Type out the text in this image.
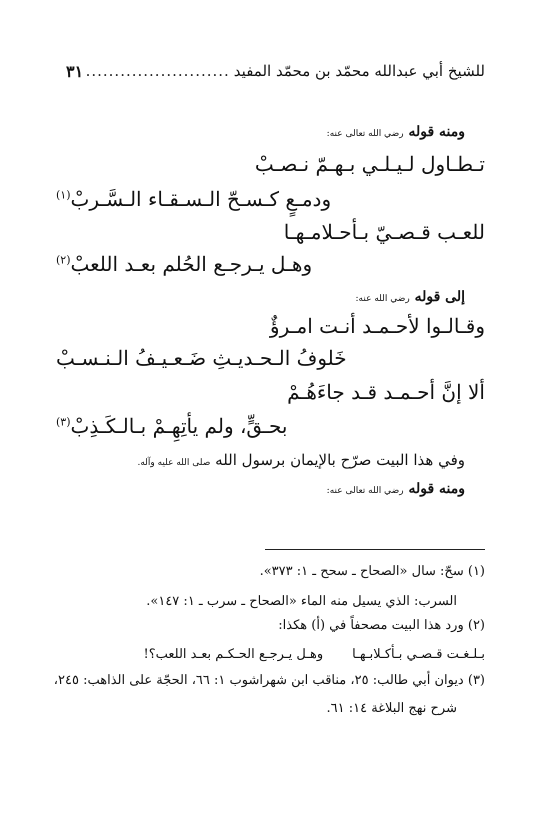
للشيخ أبي عبدالله محمّد بن محمّد المفيد
.....
٣١
ومنه قوله رضي الله تعالى عنه:
تـطـاول لـيـلـي بـهـمّ نـصـبْ
ودمـعٍ كـسـحّ الـسـقـاء الـسَّـربْ$^{(١)}$
للعـب قـصـيّ بـأحـلامـهـا
وهـل يـرجـع الحُلم بعـد اللعبْ$^{(٢)}$
إلى قوله رضي الله عنه:
وقـالـوا لأحـمـد أنـت امـرؤٌ
خَلوفُ الـحـديـثِ ضَـعـيـفُ الـنـسـبْ
ألا إنَّ أحـمـد قـد جاءَهُـمْ
بحـقٍّ، ولم يأتِهِـمْ بـالـكَـذِبْ$^{(٣)}$
وفي هذا البيت صرّح بالإيمان برسول الله صلى الله عليه وآله.
ومنه قوله رضي الله تعالى عنه:
(١) سحّ: سال «الصحاح ـ سحح ـ ١: ٣٧٣».
السرب: الذي يسيل منه الماء «الصحاح ـ سرب ـ ١: ١٤٧».
(٢) ورد هذا البيت مصحفاً في (أ) هكذا:
بـلـغـت قـصـي بـأكـلابـهـا       وهـل يـرجـع الحـكـم بعـد اللعب؟!
(٣) ديوان أبي طالب: ٢٥، مناقب ابن شهراشوب ١: ٦٦، الحجّة على الذاهب: ٢٤٥،
شرح نهج البلاغة ١٤: ٦١.
